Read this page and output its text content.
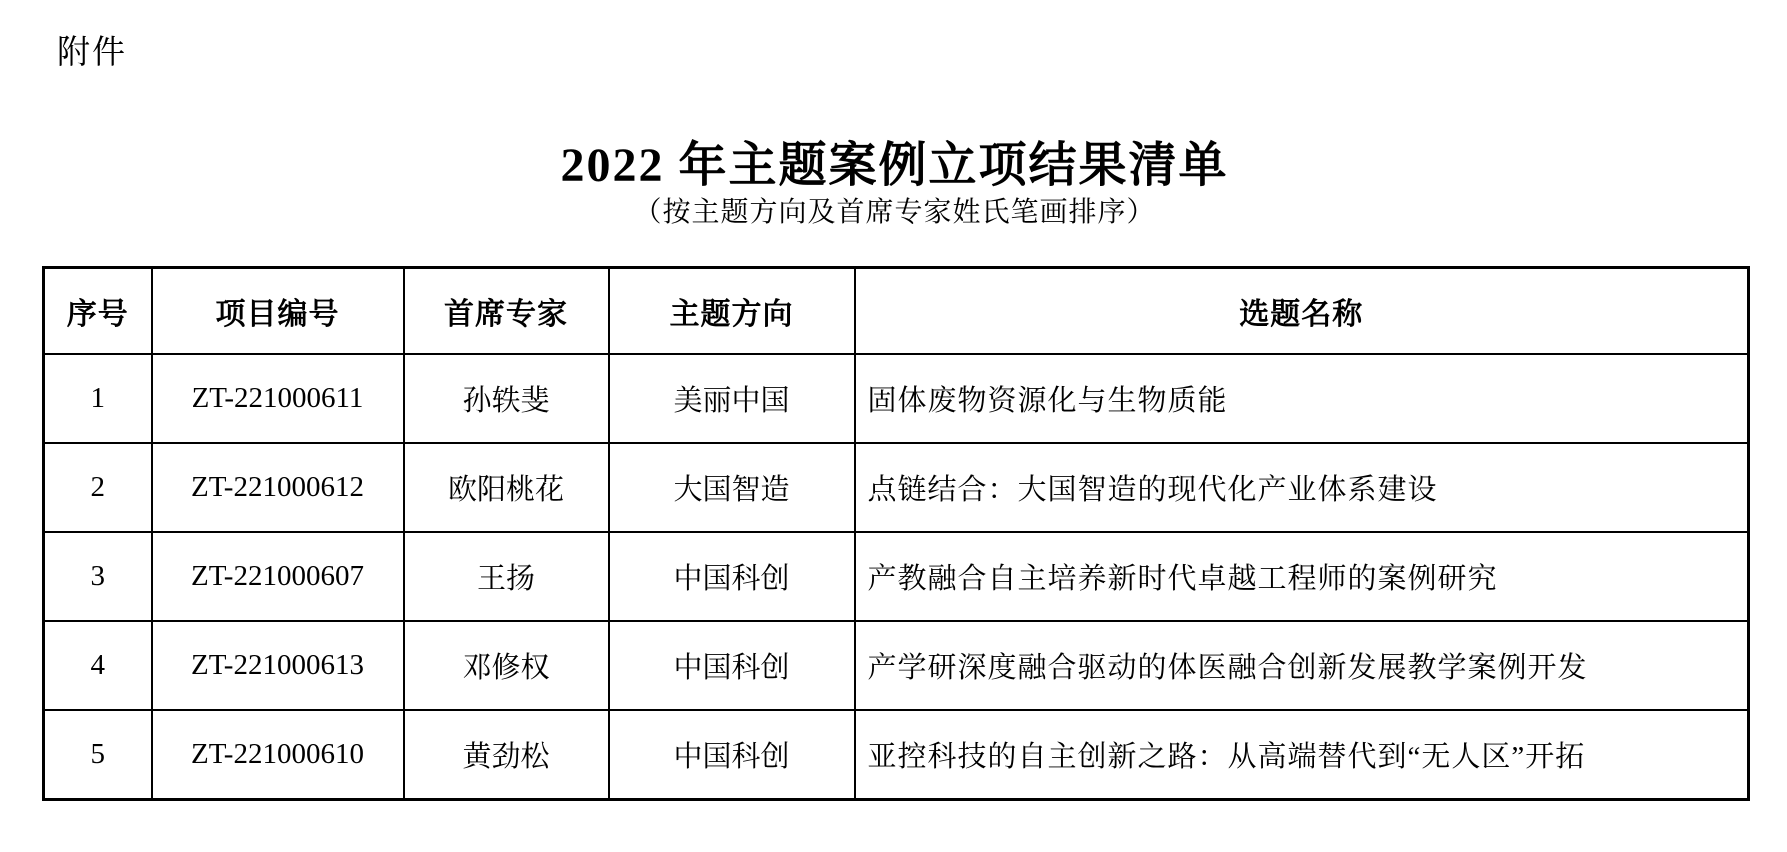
附件
2022 年主题案例立项结果清单
（按主题方向及首席专家姓氏笔画排序）
序号	项目编号	首席专家	主题方向	选题名称
1	ZT-221000611	孙轶斐	美丽中国	固体废物资源化与生物质能
2	ZT-221000612	欧阳桃花	大国智造	点链结合：大国智造的现代化产业体系建设
3	ZT-221000607	王扬	中国科创	产教融合自主培养新时代卓越工程师的案例研究
4	ZT-221000613	邓修权	中国科创	产学研深度融合驱动的体医融合创新发展教学案例开发
5	ZT-221000610	黄劲松	中国科创	亚控科技的自主创新之路：从高端替代到“无人区”开拓
